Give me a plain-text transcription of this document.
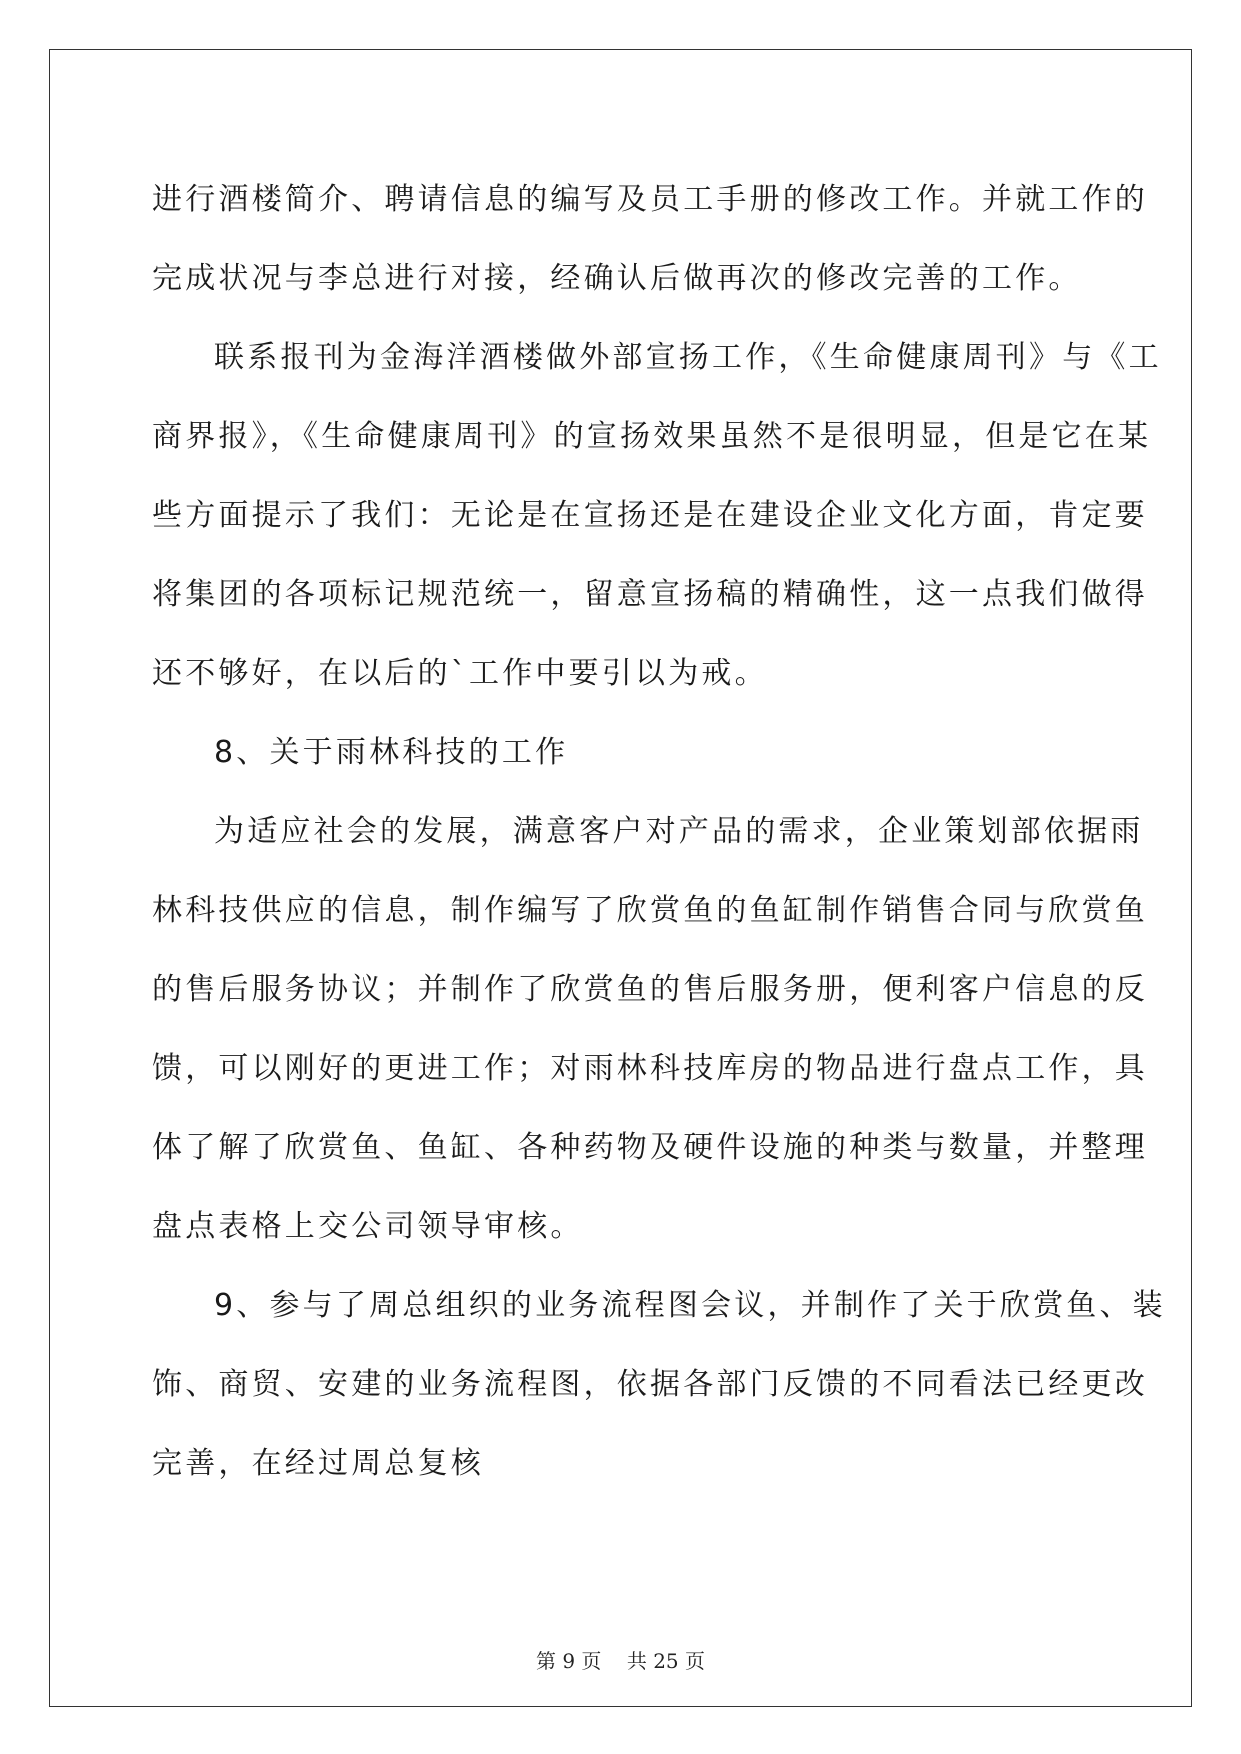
进行酒楼简介、聘请信息的编写及员工手册的修改工作。并就工作的
完成状况与李总进行对接，经确认后做再次的修改完善的工作。
联系报刊为金海洋酒楼做外部宣扬工作，《生命健康周刊》与《工
商界报》，《生命健康周刊》的宣扬效果虽然不是很明显，但是它在某
些方面提示了我们：无论是在宣扬还是在建设企业文化方面，肯定要
将集团的各项标记规范统一，留意宣扬稿的精确性，这一点我们做得
还不够好，在以后的`工作中要引以为戒。
8、关于雨林科技的工作
为适应社会的发展，满意客户对产品的需求，企业策划部依据雨
林科技供应的信息，制作编写了欣赏鱼的鱼缸制作销售合同与欣赏鱼
的售后服务协议；并制作了欣赏鱼的售后服务册，便利客户信息的反
馈，可以刚好的更进工作；对雨林科技库房的物品进行盘点工作，具
体了解了欣赏鱼、鱼缸、各种药物及硬件设施的种类与数量，并整理
盘点表格上交公司领导审核。
9、参与了周总组织的业务流程图会议，并制作了关于欣赏鱼、装
饰、商贸、安建的业务流程图，依据各部门反馈的不同看法已经更改
完善，在经过周总复核
第 9 页    共 25 页
